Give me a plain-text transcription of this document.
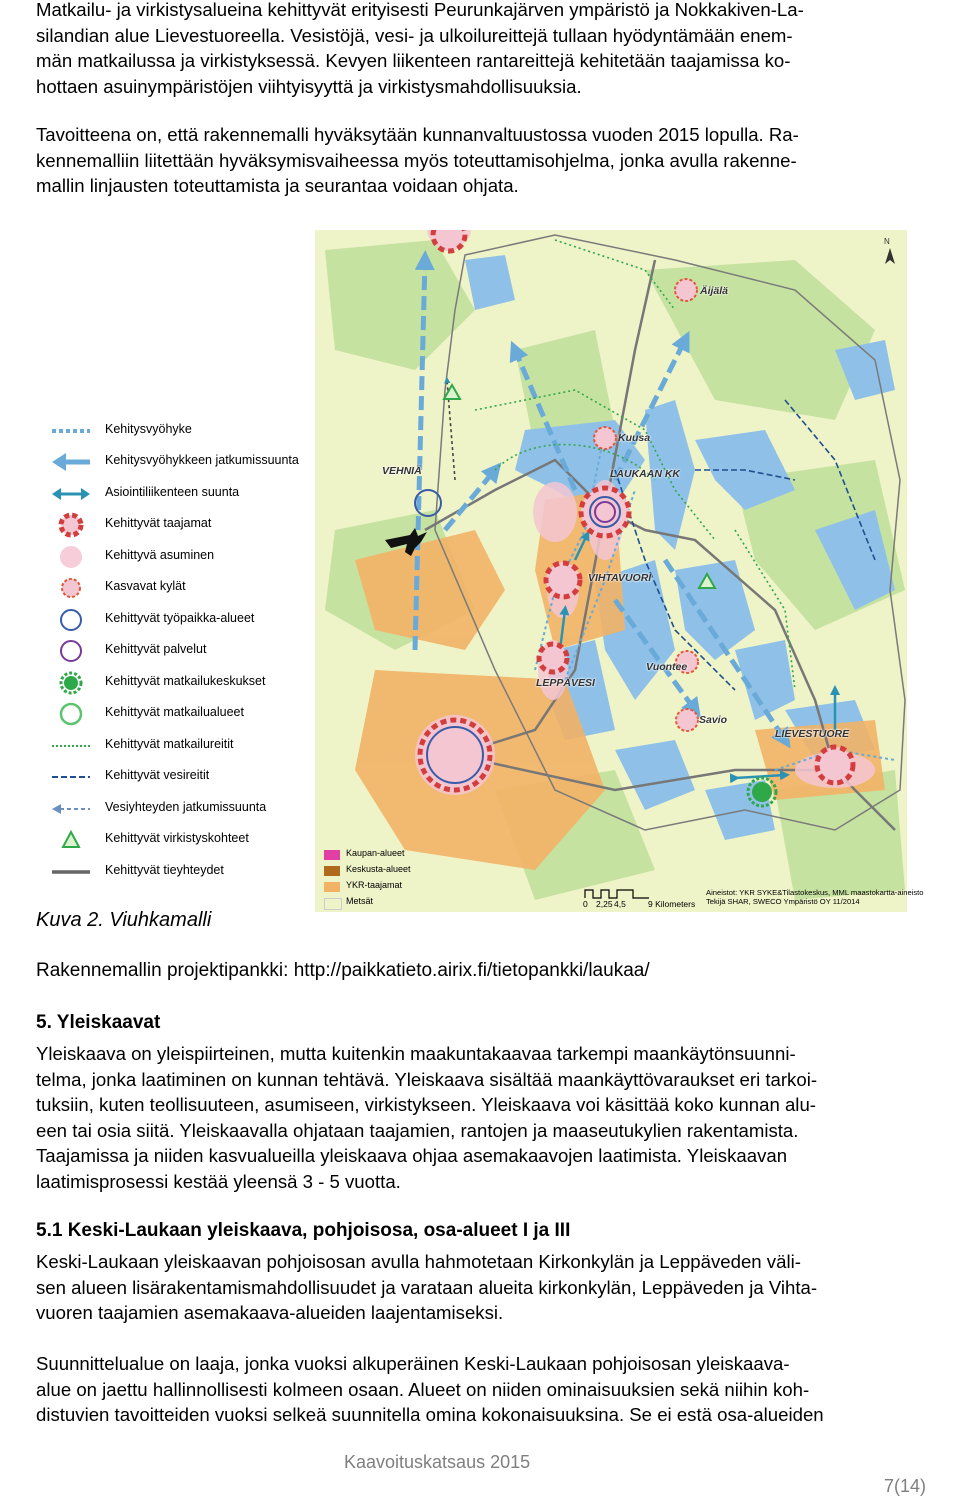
Matkailu- ja virkistysalueina kehittyvät erityisesti Peurunkajärven ympäristö ja Nokkakiven-La-
silandian alue Lievestuoreella. Vesistöjä, vesi- ja ulkoilureittejä tullaan hyödyntämään enem-
män matkailussa ja virkistyksessä. Kevyen liikenteen rantareittejä kehitetään taajamissa ko-
hottaen asuinympäristöjen viihtyisyyttä ja virkistysmahdollisuuksia.

Tavoitteena on, että rakennemalli hyväksytään kunnanvaltuustossa vuoden 2015 lopulla. Ra-
kennemalliin liitettään hyväksymisvaiheessa myös toteuttamisohjelma, jonka avulla rakenne-
mallin linjausten toteuttamista ja seurantaa voidaan ohjata.

N
Äijälä
Kuusa
VEHNIÄ	LAUKAAN KK
VIHTAVUORI
Vuontee
LEPPÄVESI
Savio
LIEVESTUORE
Kehitysvyöhyke
Kehitysvyöhykkeen jatkumissuunta
Asiointiliikenteen suunta
Kehittyvät taajamat
Kehittyvä asuminen
Kasvavat kylät
Kehittyvät työpaikka-alueet
Kehittyvät palvelut
Kehittyvät matkailukeskukset
Kehittyvät matkailualueet
Kehittyvät matkailureitit
Kehittyvät vesireitit
Vesiyhteyden jatkumissuunta
Kehittyvät virkistyskohteet
Kehittyvät tieyhteydet
Kaupan-alueet
Keskusta-alueet
YKR-taajamat
Metsät	0 2,25 4,5	9 Kilometers
Aineistot: YKR SYKE&Tilastokeskus, MML maastokartta-aineisto
Tekijä SHAR, SWECO Ympäristö OY 11/2014
Kuva 2. Viuhkamalli
Rakennemallin projektipankki: http://paikkatieto.airix.fi/tietopankki/laukaa/
5. Yleiskaavat

Yleiskaava on yleispiirteinen, mutta kuitenkin maakuntakaavaa tarkempi maankäytönsuunni-
telma, jonka laatiminen on kunnan tehtävä. Yleiskaava sisältää maankäyttövaraukset eri tarkoi-
tuksiin, kuten teollisuuteen, asumiseen, virkistykseen. Yleiskaava voi käsittää koko kunnan alu-
een tai osia siitä. Yleiskaavalla ohjataan taajamien, rantojen ja maaseutukylien rakentamista.
Taajamissa ja niiden kasvualueilla yleiskaava ohjaa asemakaavojen laatimista. Yleiskaavan
laatimisprosessi kestää yleensä 3 - 5 vuotta.

5.1 Keski-Laukaan yleiskaava, pohjoisosa, osa-alueet I ja III

Keski-Laukaan yleiskaavan pohjoisosan avulla hahmotetaan Kirkonkylän ja Leppäveden väli-
sen alueen lisärakentamismahdollisuudet ja varataan alueita kirkonkylän, Leppäveden ja Vihta-
vuoren taajamien asemakaava-alueiden laajentamiseksi.

Suunnittelualue on laaja, jonka vuoksi alkuperäinen Keski-Laukaan pohjoisosan yleiskaava-
alue on jaettu hallinnollisesti kolmeen osaan. Alueet on niiden ominaisuuksien sekä niihin koh-
distuvien tavoitteiden vuoksi selkeä suunnitella omina kokonaisuuksina. Se ei estä osa-alueiden

Kaavoituskatsaus 2015
7(14)
